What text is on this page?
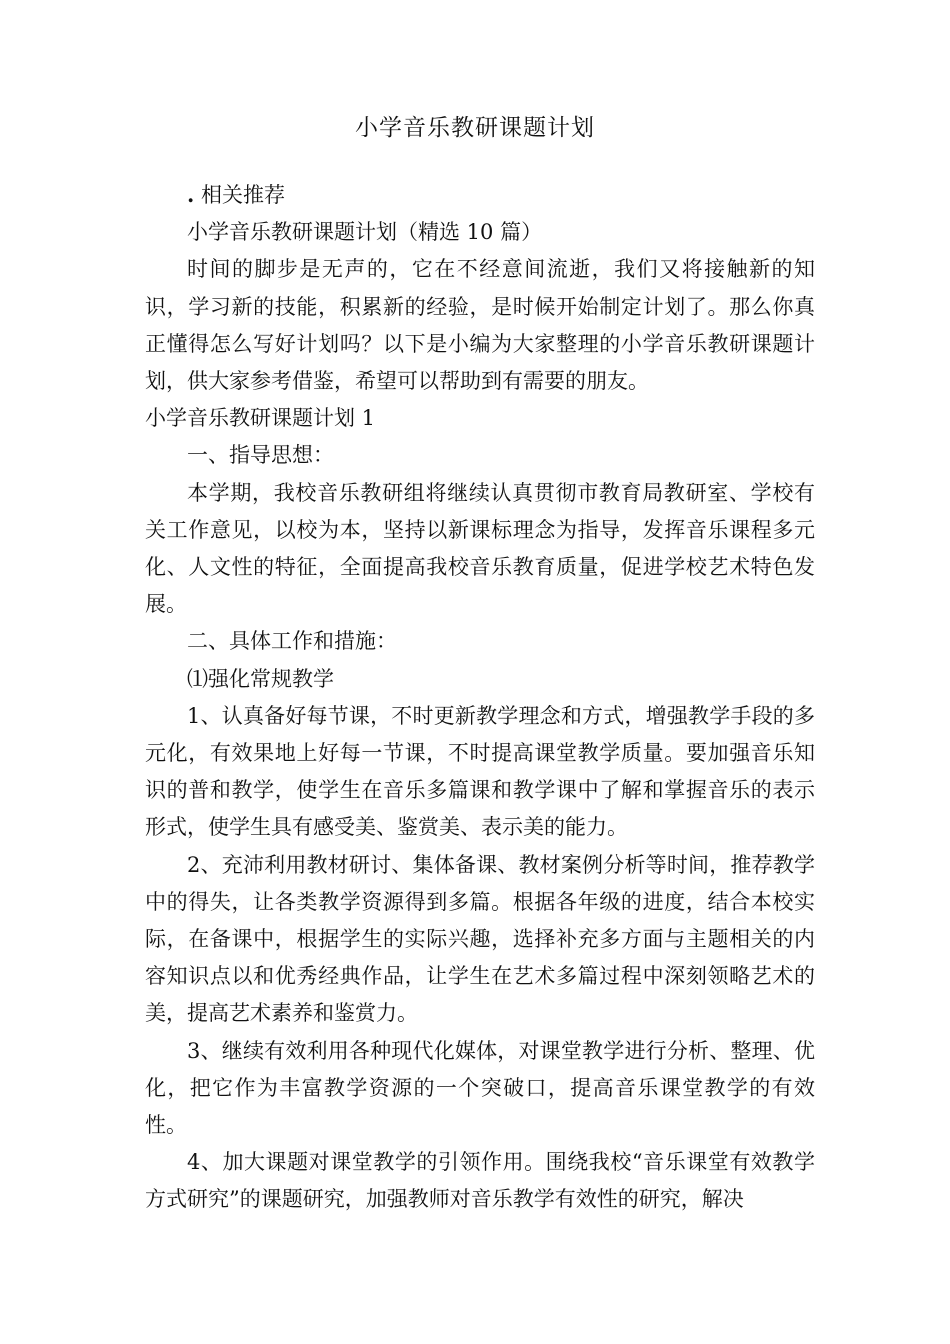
小学音乐教研课题计划

. 相关推荐

小学音乐教研课题计划（精选 10 篇）

时间的脚步是无声的，它在不经意间流逝，我们又将接触新的知识，学习新的技能，积累新的经验，是时候开始制定计划了。那么你真正懂得怎么写好计划吗？以下是小编为大家整理的小学音乐教研课题计划，供大家参考借鉴，希望可以帮助到有需要的朋友。

小学音乐教研课题计划 1

一、指导思想：

本学期，我校音乐教研组将继续认真贯彻市教育局教研室、学校有关工作意见，以校为本，坚持以新课标理念为指导，发挥音乐课程多元化、人文性的特征，全面提高我校音乐教育质量，促进学校艺术特色发展。

二、具体工作和措施：

⑴强化常规教学

1、认真备好每节课，不时更新教学理念和方式，增强教学手段的多元化，有效果地上好每一节课，不时提高课堂教学质量。要加强音乐知识的普和教学，使学生在音乐多篇课和教学课中了解和掌握音乐的表示形式，使学生具有感受美、鉴赏美、表示美的能力。

2、充沛利用教材研讨、集体备课、教材案例分析等时间，推荐教学中的得失，让各类教学资源得到多篇。根据各年级的进度，结合本校实际，在备课中，根据学生的实际兴趣，选择补充多方面与主题相关的内容知识点以和优秀经典作品，让学生在艺术多篇过程中深刻领略艺术的美，提高艺术素养和鉴赏力。

3、继续有效利用各种现代化媒体，对课堂教学进行分析、整理、优化，把它作为丰富教学资源的一个突破口，提高音乐课堂教学的有效性。

4、加大课题对课堂教学的引领作用。围绕我校“音乐课堂有效教学方式研究”的课题研究，加强教师对音乐教学有效性的研究，解决
